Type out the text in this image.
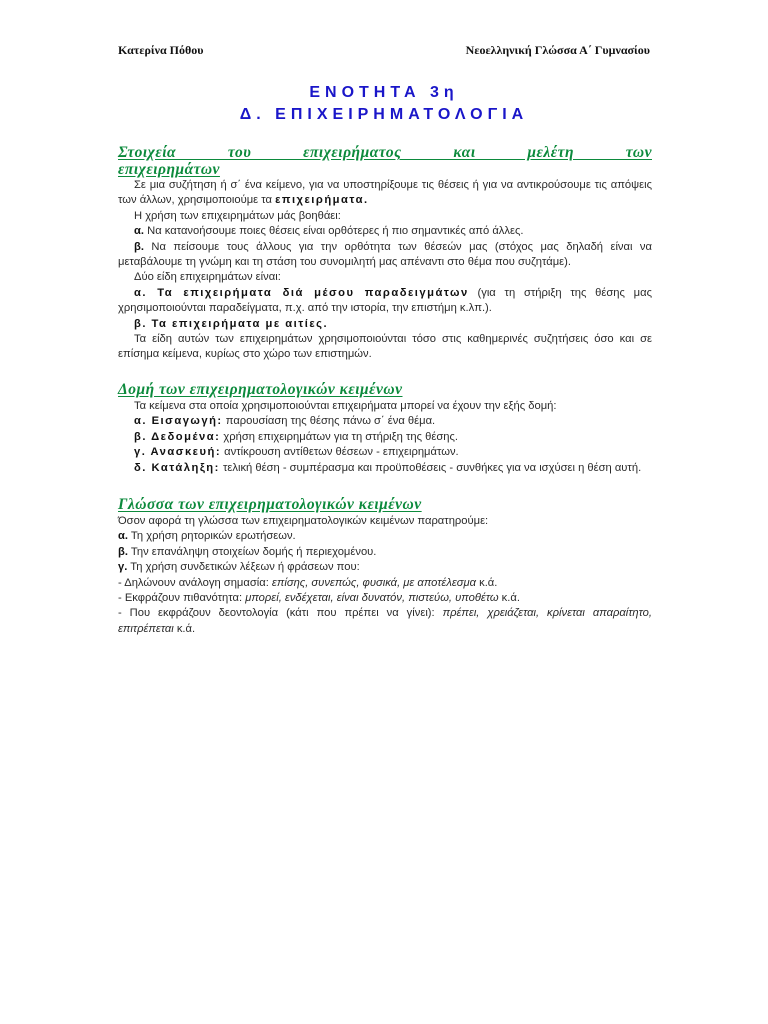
Κατερίνα Πόθου	Νεοελληνική Γλώσσα Α΄ Γυμνασίου
ΕΝΟΤΗΤΑ 3η
Δ. ΕΠΙΧΕΙΡΗΜΑΤΟΛΟΓΙΑ
Στοιχεία του επιχειρήματος και μελέτη των
επιχειρημάτων

Σε μια συζήτηση ή σ΄ ένα κείμενο, για να υποστηρίξουμε τις θέσεις ή για να αντικρούσουμε τις απόψεις των άλλων, χρησιμοποιούμε τα επιχειρήματα.

Η χρήση των επιχειρημάτων μάς βοηθάει:

α. Να κατανοήσουμε ποιες θέσεις είναι ορθότερες ή πιο σημαντικές από άλλες.

β. Να πείσουμε τους άλλους για την ορθότητα των θέσεών μας (στόχος μας δηλαδή είναι να μεταβάλουμε τη γνώμη και τη στάση του συνομιλητή μας απέναντι στο θέμα που συζητάμε).

Δύο είδη επιχειρημάτων είναι:

α. Τα επιχειρήματα διά μέσου παραδειγμάτων (για τη στήριξη της θέσης μας χρησιμοποιούνται παραδείγματα, π.χ. από την ιστορία, την επιστήμη κ.λπ.).

β. Τα επιχειρήματα με αιτίες.

Τα είδη αυτών των επιχειρημάτων χρησιμοποιούνται τόσο στις καθημερινές συζητήσεις όσο και σε επίσημα κείμενα, κυρίως στο χώρο των επιστημών.

Δομή των επιχειρηματολογικών κειμένων

Τα κείμενα στα οποία χρησιμοποιούνται επιχειρήματα μπορεί να έχουν την εξής δομή:

α. Εισαγωγή: παρουσίαση της θέσης πάνω σ΄ ένα θέμα.

β. Δεδομένα: χρήση επιχειρημάτων για τη στήριξη της θέσης.

γ. Ανασκευή: αντίκρουση αντίθετων θέσεων - επιχειρημάτων.

δ. Κατάληξη: τελική θέση - συμπέρασμα και προϋποθέσεις - συνθήκες για να ισχύσει η θέση αυτή.

Γλώσσα των επιχειρηματολογικών κειμένων

Όσον αφορά τη γλώσσα των επιχειρηματολογικών κειμένων παρατηρούμε:

α. Τη χρήση ρητορικών ερωτήσεων.

β. Την επανάληψη στοιχείων δομής ή περιεχομένου.

γ. Τη χρήση συνδετικών λέξεων ή φράσεων που:

- Δηλώνουν ανάλογη σημασία: επίσης, συνεπώς, φυσικά, με αποτέλεσμα κ.ά.

- Εκφράζουν πιθανότητα: μπορεί, ενδέχεται, είναι δυνατόν, πιστεύω, υποθέτω κ.ά.

- Που εκφράζουν δεοντολογία (κάτι που πρέπει να γίνει): πρέπει, χρειάζεται, κρίνεται απαραίτητο, επιτρέπεται κ.ά.
